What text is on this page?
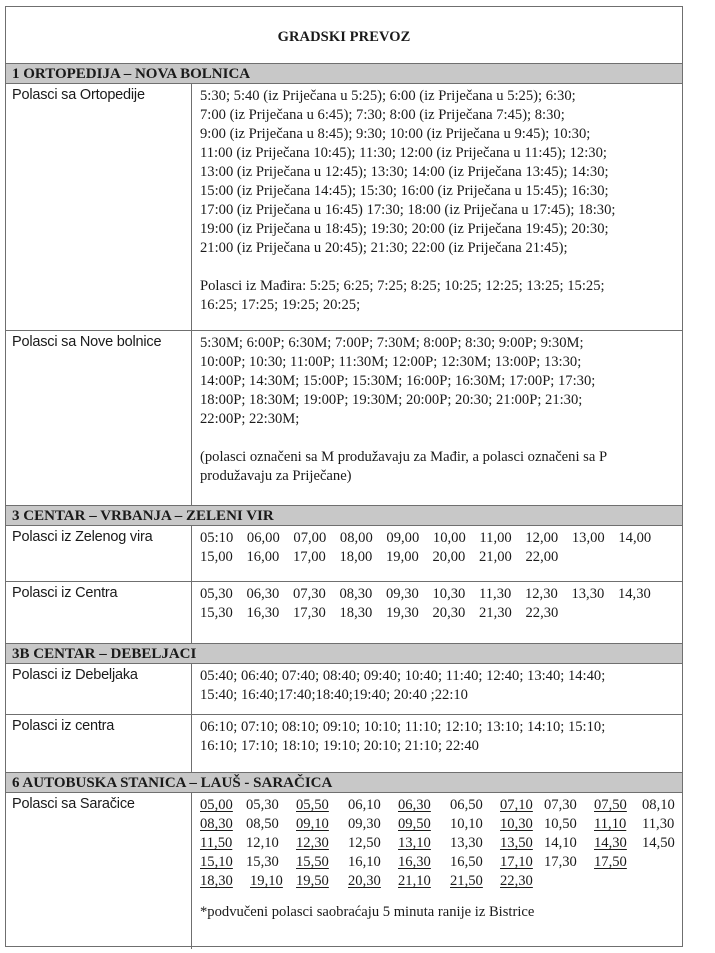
GRADSKI PREVOZ
1 ORTOPEDIJA – NOVA BOLNICA
Polasci sa Ortopedije	5:30; 5:40 (iz Priječana u 5:25); 6:00 (iz Priječana u 5:25); 6:30;
7:00 (iz Priječana u 6:45); 7:30; 8:00 (iz Priječana 7:45); 8:30;
9:00 (iz Priječana u 8:45); 9:30; 10:00 (iz Priječana u 9:45); 10:30;
11:00 (iz Priječana 10:45); 11:30; 12:00 (iz Priječana u 11:45); 12:30;
13:00 (iz Priječana u 12:45); 13:30; 14:00 (iz Priječana 13:45); 14:30;
15:00 (iz Priječana 14:45); 15:30; 16:00 (iz Priječana u 15:45); 16:30;
17:00 (iz Priječana u 16:45) 17:30; 18:00 (iz Priječana u 17:45); 18:30;
19:00 (iz Priječana u 18:45); 19:30; 20:00 (iz Priječana 19:45); 20:30;
21:00 (iz Priječana u 20:45); 21:30; 22:00 (iz Priječana 21:45);
Polasci iz Mađira: 5:25; 6:25; 7:25; 8:25; 10:25; 12:25; 13:25; 15:25;
16:25; 17:25; 19:25; 20:25;
Polasci sa Nove bolnice	5:30M; 6:00P; 6:30M; 7:00P; 7:30M; 8:00P; 8:30; 9:00P; 9:30M;
10:00P; 10:30; 11:00P; 11:30M; 12:00P; 12:30M; 13:00P; 13:30;
14:00P; 14:30M; 15:00P; 15:30M; 16:00P; 16:30M; 17:00P; 17:30;
18:00P; 18:30M; 19:00P; 19:30M; 20:00P; 20:30; 21:00P; 21:30;
22:00P; 22:30M;
(polasci označeni sa M produžavaju za Mađir, a polasci označeni sa P
produžavaju za Priječane)
3 CENTAR – VRBANJA – ZELENI VIR
Polasci iz Zelenog vira	05:10 06,00 07,00 08,00 09,00 10,00 11,00 12,00 13,00 14,00
15,00 16,00 17,00 18,00 19,00 20,00 21,00 22,00
Polasci iz Centra	05,30 06,30 07,30 08,30 09,30 10,30 11,30 12,30 13,30 14,30
15,30 16,30 17,30 18,30 19,30 20,30 21,30 22,30
3B CENTAR – DEBELJACI
Polasci iz Debeljaka	05:40; 06:40; 07:40; 08:40; 09:40; 10:40; 11:40; 12:40; 13:40; 14:40;
15:40; 16:40;17:40;18:40;19:40; 20:40 ;22:10
Polasci iz centra	06:10; 07:10; 08:10; 09:10; 10:10; 11:10; 12:10; 13:10; 14:10; 15:10;
16:10; 17:10; 18:10; 19:10; 20:10; 21:10; 22:40
6 AUTOBUSKA STANICA – LAUŠ - SARAČICA
Polasci sa Saračice	05,00 05,30 05,50 06,10 06,30 06,50 07,10 07,30 07,50 08,10
08,30 08,50 09,10 09,30 09,50 10,10 10,30 10,50 11,10 11,30
11,50 12,10 12,30 12,50 13,10 13,30 13,50 14,10 14,30 14,50
15,10 15,30 15,50 16,10 16,30 16,50 17,10 17,30 17,50
18,30 19,10 19,50 20,30 21,10 21,50 22,30
*podvučeni polasci saobraćaju 5 minuta ranije iz Bistrice
